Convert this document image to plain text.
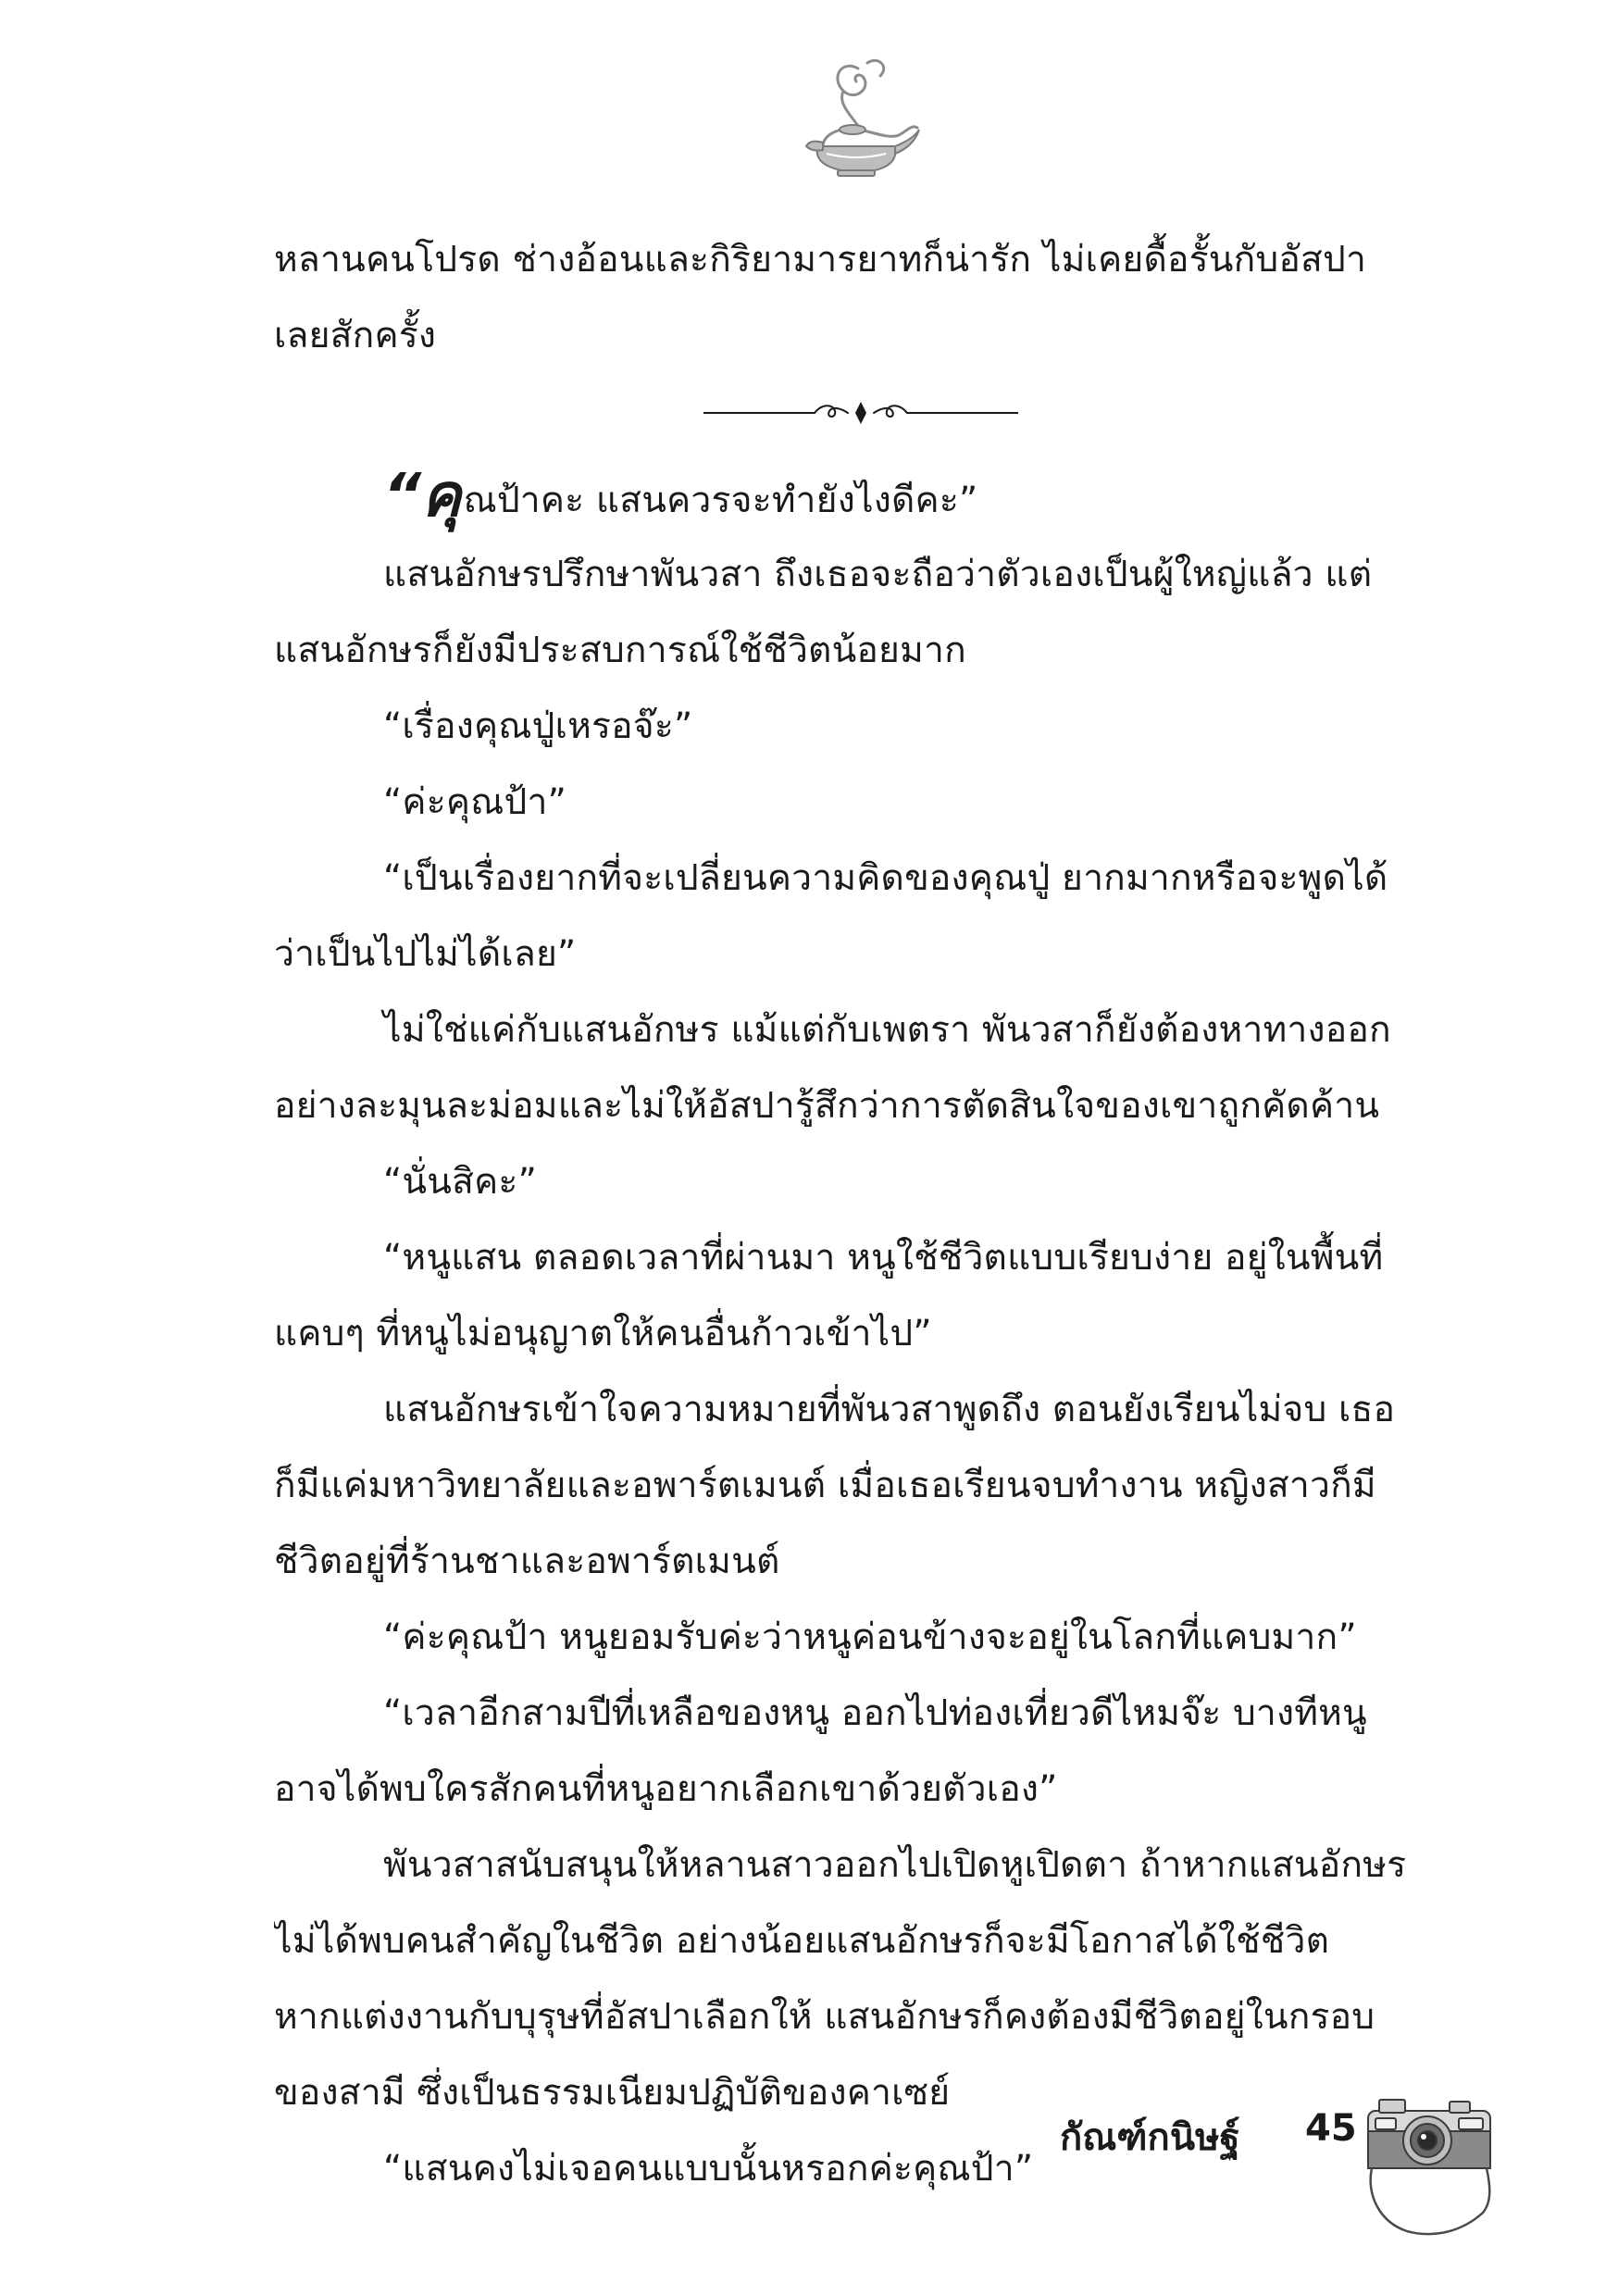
หลานคนโปรด ช่างอ้อนและกิริยามารยาทก็น่ารัก ไม่เคยดื้อรั้นกับอัสปา
เลยสักครั้ง
“คุณป้าคะ แสนควรจะทำยังไงดีคะ”
แสนอักษรปรึกษาพันวสา ถึงเธอจะถือว่าตัวเองเป็นผู้ใหญ่แล้ว แต่
แสนอักษรก็ยังมีประสบการณ์ใช้ชีวิตน้อยมาก
“เรื่องคุณปู่เหรอจ๊ะ”
“ค่ะคุณป้า”
“เป็นเรื่องยากที่จะเปลี่ยนความคิดของคุณปู่ ยากมากหรือจะพูดได้
ว่าเป็นไปไม่ได้เลย”
ไม่ใช่แค่กับแสนอักษร แม้แต่กับเพตรา พันวสาก็ยังต้องหาทางออก
อย่างละมุนละม่อมและไม่ให้อัสปารู้สึกว่าการตัดสินใจของเขาถูกคัดค้าน
“นั่นสิคะ”
“หนูแสน ตลอดเวลาที่ผ่านมา หนูใช้ชีวิตแบบเรียบง่าย อยู่ในพื้นที่
แคบๆ ที่หนูไม่อนุญาตให้คนอื่นก้าวเข้าไป”
แสนอักษรเข้าใจความหมายที่พันวสาพูดถึง ตอนยังเรียนไม่จบ เธอ
ก็มีแค่มหาวิทยาลัยและอพาร์ตเมนต์ เมื่อเธอเรียนจบทำงาน หญิงสาวก็มี
ชีวิตอยู่ที่ร้านชาและอพาร์ตเมนต์
“ค่ะคุณป้า หนูยอมรับค่ะว่าหนูค่อนข้างจะอยู่ในโลกที่แคบมาก”
“เวลาอีกสามปีที่เหลือของหนู ออกไปท่องเที่ยวดีไหมจ๊ะ บางทีหนู
อาจได้พบใครสักคนที่หนูอยากเลือกเขาด้วยตัวเอง”
พันวสาสนับสนุนให้หลานสาวออกไปเปิดหูเปิดตา ถ้าหากแสนอักษร
ไม่ได้พบคนสำคัญในชีวิต อย่างน้อยแสนอักษรก็จะมีโอกาสได้ใช้ชีวิต
หากแต่งงานกับบุรุษที่อัสปาเลือกให้ แสนอักษรก็คงต้องมีชีวิตอยู่ในกรอบ
ของสามี ซึ่งเป็นธรรมเนียมปฏิบัติของคาเซย์
“แสนคงไม่เจอคนแบบนั้นหรอกค่ะคุณป้า”
กัณฑ์กนิษฐ์ 45
